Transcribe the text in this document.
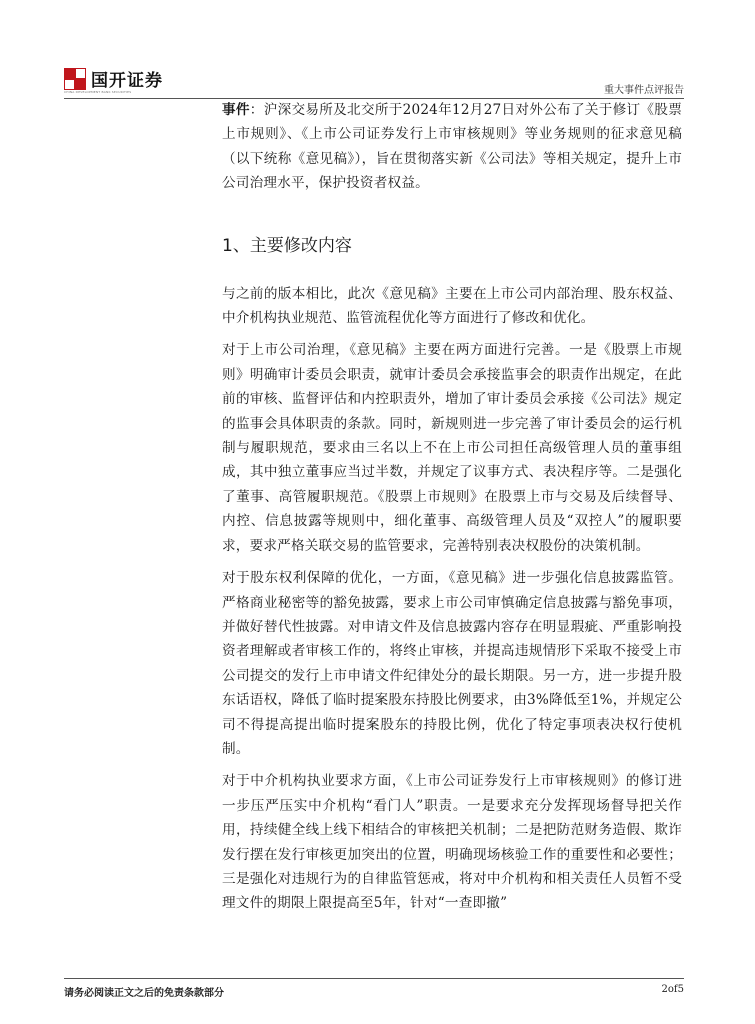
国开证券
CHINA DEVELOPMENT BANK SECURITIES	重大事件点评报告

事件：沪深交易所及北交所于2024年12月27日对外公布了关于修订《股票上市规则》、《上市公司证券发行上市审核规则》等业务规则的征求意见稿（以下统称《意见稿》），旨在贯彻落实新《公司法》等相关规定，提升上市公司治理水平，保护投资者权益。

1、主要修改内容

与之前的版本相比，此次《意见稿》主要在上市公司内部治理、股东权益、中介机构执业规范、监管流程优化等方面进行了修改和优化。

对于上市公司治理，《意见稿》主要在两方面进行完善。一是《股票上市规则》明确审计委员会职责，就审计委员会承接监事会的职责作出规定，在此前的审核、监督评估和内控职责外，增加了审计委员会承接《公司法》规定的监事会具体职责的条款。同时，新规则进一步完善了审计委员会的运行机制与履职规范，要求由三名以上不在上市公司担任高级管理人员的董事组成，其中独立董事应当过半数，并规定了议事方式、表决程序等。二是强化了董事、高管履职规范。《股票上市规则》在股票上市与交易及后续督导、内控、信息披露等规则中，细化董事、高级管理人员及“双控人”的履职要求，要求严格关联交易的监管要求，完善特别表决权股份的决策机制。

对于股东权利保障的优化，一方面，《意见稿》进一步强化信息披露监管。严格商业秘密等的豁免披露，要求上市公司审慎确定信息披露与豁免事项，并做好替代性披露。对申请文件及信息披露内容存在明显瑕疵、严重影响投资者理解或者审核工作的，将终止审核，并提高违规情形下采取不接受上市公司提交的发行上市申请文件纪律处分的最长期限。另一方，进一步提升股东话语权，降低了临时提案股东持股比例要求，由3%降低至1%，并规定公司不得提高提出临时提案股东的持股比例，优化了特定事项表决权行使机制。

对于中介机构执业要求方面，《上市公司证券发行上市审核规则》的修订进一步压严压实中介机构“看门人”职责。一是要求充分发挥现场督导把关作用，持续健全线上线下相结合的审核把关机制；二是把防范财务造假、欺诈发行摆在发行审核更加突出的位置，明确现场核验工作的重要性和必要性；三是强化对违规行为的自律监管惩戒，将对中介机构和相关责任人员暂不受理文件的期限上限提高至5年，针对“一查即撤”

请务必阅读正文之后的免责条款部分	2of5
